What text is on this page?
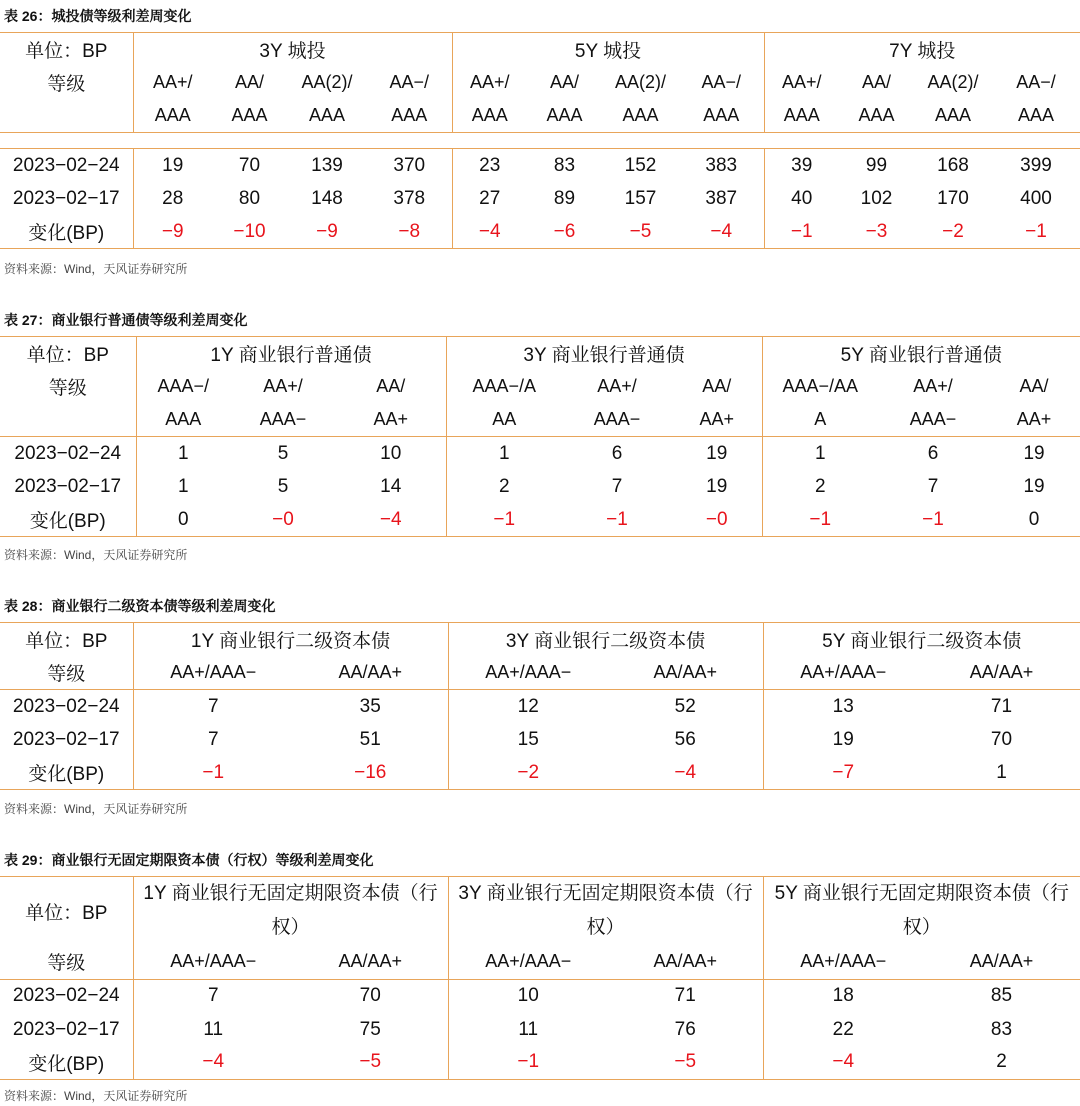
表 26：城投债等级利差周变化
单位：BP	3Y 城投				5Y 城投				7Y 城投			
等级	AA+/	AA/	AA(2)/	AA−/	AA+/	AA/	AA(2)/	AA−/	AA+/	AA/	AA(2)/	AA−/
	AAA	AAA	AAA	AAA	AAA	AAA	AAA	AAA	AAA	AAA	AAA	AAA

2023−02−24	19	70	139	370	23	83	152	383	39	99	168	399
2023−02−17	28	80	148	378	27	89	157	387	40	102	170	400
变化(BP)	−9	−10	−9	−8	−4	−6	−5	−4	−1	−3	−2	−1
资料来源：Wind，天风证券研究所
表 27：商业银行普通债等级利差周变化
单位：BP	1Y 商业银行普通债			3Y 商业银行普通债			5Y 商业银行普通债		
等级	AAA−/	AA+/	AA/	AAA−/A	AA+/	AA/	AAA−/AA	AA+/	AA/
	AAA	AAA−	AA+	AA	AAA−	AA+	A	AAA−	AA+
2023−02−24	1	5	10	1	6	19	1	6	19
2023−02−17	1	5	14	2	7	19	2	7	19
变化(BP)	0	−0	−4	−1	−1	−0	−1	−1	0
资料来源：Wind，天风证券研究所
表 28：商业银行二级资本债等级利差周变化
单位：BP	1Y 商业银行二级资本债		3Y 商业银行二级资本债		5Y 商业银行二级资本债	
等级	AA+/AAA−	AA/AA+	AA+/AAA−	AA/AA+	AA+/AAA−	AA/AA+
2023−02−24	7	35	12	52	13	71
2023−02−17	7	51	15	56	19	70
变化(BP)	−1	−16	−2	−4	−7	1
资料来源：Wind，天风证券研究所
表 29：商业银行无固定期限资本债（行权）等级利差周变化
单位：BP	1Y 商业银行无固定期限资本债（行权）		3Y 商业银行无固定期限资本债（行权）		5Y 商业银行无固定期限资本债（行权）	
等级	AA+/AAA−	AA/AA+	AA+/AAA−	AA/AA+	AA+/AAA−	AA/AA+
2023−02−24	7	70	10	71	18	85
2023−02−17	11	75	11	76	22	83
变化(BP)	−4	−5	−1	−5	−4	2
资料来源：Wind，天风证券研究所
